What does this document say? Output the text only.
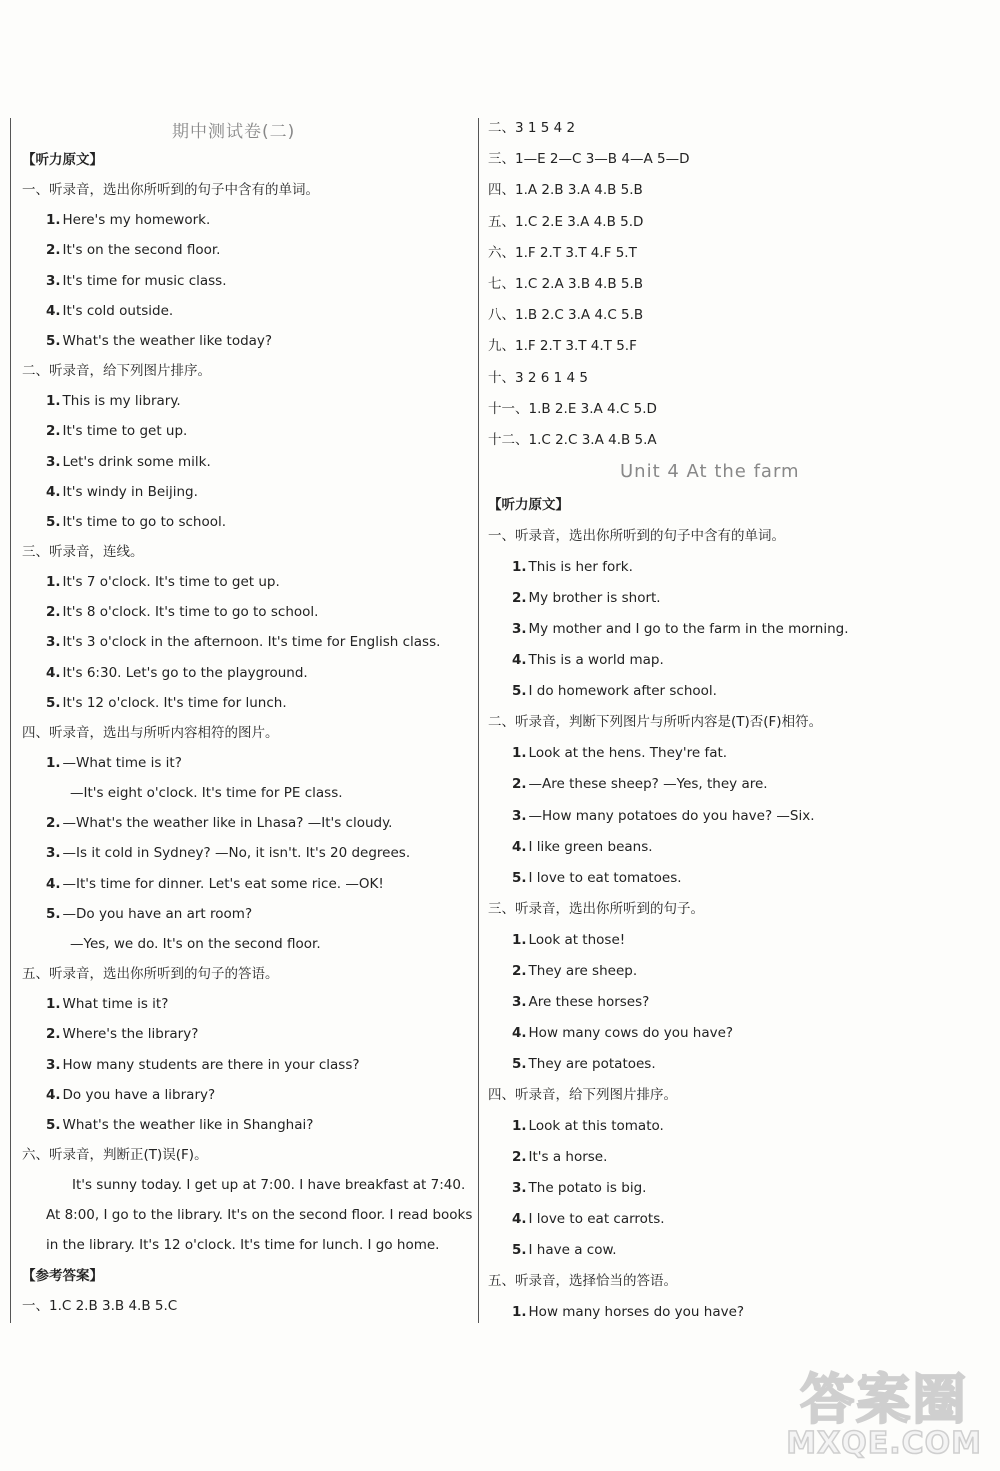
期中测试卷(二)
【听力原文】
一、听录音，选出你所听到的句子中含有的单词。
1. Here's my homework.
2. It's on the second floor.
3. It's time for music class.
4. It's cold outside.
5. What's the weather like today?
二、听录音，给下列图片排序。
1. This is my library.
2. It's time to get up.
3. Let's drink some milk.
4. It's windy in Beijing.
5. It's time to go to school.
三、听录音，连线。
1. It's 7 o'clock. It's time to get up.
2. It's 8 o'clock. It's time to go to school.
3. It's 3 o'clock in the afternoon. It's time for English class.
4. It's 6:30. Let's go to the playground.
5. It's 12 o'clock. It's time for lunch.
四、听录音，选出与所听内容相符的图片。
1. —What time is it?
—It's eight o'clock. It's time for PE class.
2. —What's the weather like in Lhasa? —It's cloudy.
3. —Is it cold in Sydney? —No, it isn't. It's 20 degrees.
4. —It's time for dinner. Let's eat some rice. —OK!
5. —Do you have an art room?
—Yes, we do. It's on the second floor.
五、听录音，选出你所听到的句子的答语。
1. What time is it?
2. Where's the library?
3. How many students are there in your class?
4. Do you have a library?
5. What's the weather like in Shanghai?
六、听录音，判断正(T)误(F)。
It's sunny today. I get up at 7:00. I have breakfast at 7:40.
At 8:00, I go to the library. It's on the second floor. I read books
in the library. It's 12 o'clock. It's time for lunch. I go home.
【参考答案】
一、1.C 2.B 3.B 4.B 5.C
二、3 1 5 4 2
三、1—E 2—C 3—B 4—A 5—D
四、1.A 2.B 3.A 4.B 5.B
五、1.C 2.E 3.A 4.B 5.D
六、1.F 2.T 3.T 4.F 5.T
七、1.C 2.A 3.B 4.B 5.B
八、1.B 2.C 3.A 4.C 5.B
九、1.F 2.T 3.T 4.T 5.F
十、3 2 6 1 4 5
十一、1.B 2.E 3.A 4.C 5.D
十二、1.C 2.C 3.A 4.B 5.A
Unit 4 At the farm
【听力原文】
一、听录音，选出你所听到的句子中含有的单词。
1. This is her fork.
2. My brother is short.
3. My mother and I go to the farm in the morning.
4. This is a world map.
5. I do homework after school.
二、听录音，判断下列图片与所听内容是(T)否(F)相符。
1. Look at the hens. They're fat.
2. —Are these sheep? —Yes, they are.
3. —How many potatoes do you have? —Six.
4. I like green beans.
5. I love to eat tomatoes.
三、听录音，选出你所听到的句子。
1. Look at those!
2. They are sheep.
3. Are these horses?
4. How many cows do you have?
5. They are potatoes.
四、听录音，给下列图片排序。
1. Look at this tomato.
2. It's a horse.
3. The potato is big.
4. I love to eat carrots.
5. I have a cow.
五、听录音，选择恰当的答语。
1. How many horses do you have?
答案圈
MXQE.COM
